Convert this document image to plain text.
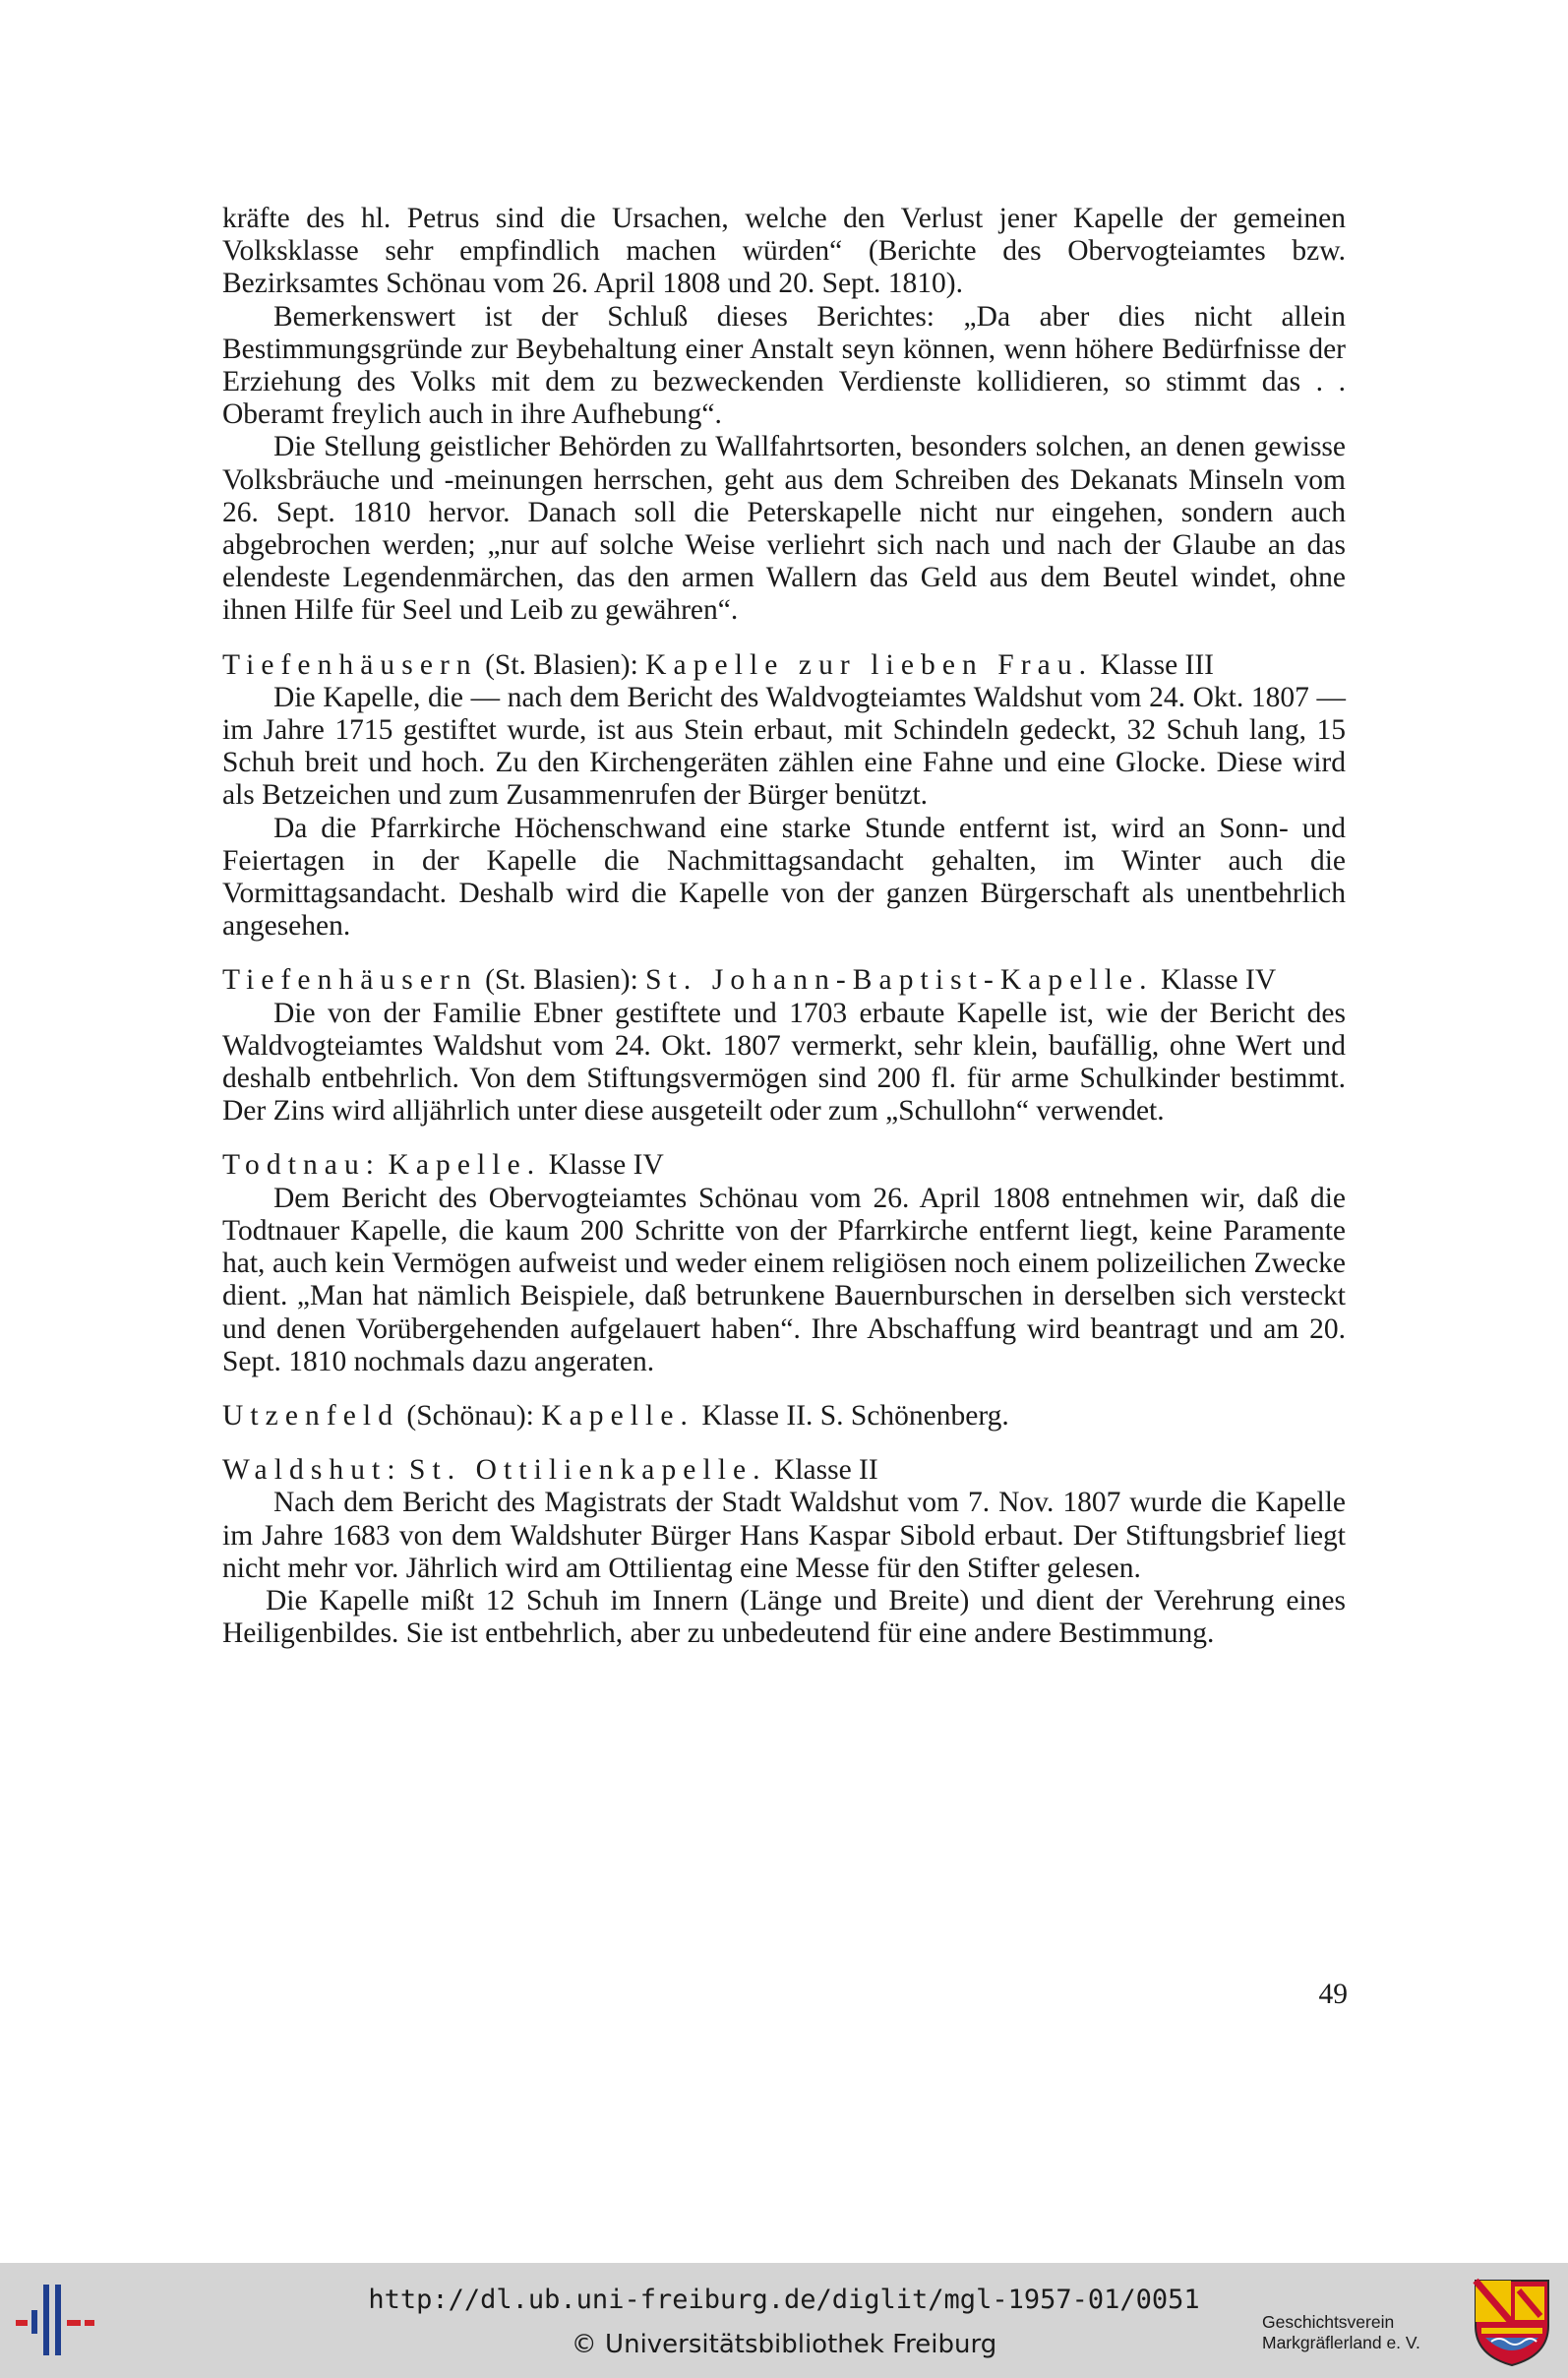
kräfte des hl. Petrus sind die Ursachen, welche den Verlust jener Kapelle der gemeinen Volksklasse sehr empfindlich machen würden“ (Berichte des Obervogteiamtes bzw. Bezirksamtes Schönau vom 26. April 1808 und 20. Sept. 1810).

Bemerkenswert ist der Schluß dieses Berichtes: „Da aber dies nicht allein Bestimmungsgründe zur Beybehaltung einer Anstalt seyn können, wenn höhere Bedürfnisse der Erziehung des Volks mit dem zu bezweckenden Verdienste kollidieren, so stimmt das . . Oberamt freylich auch in ihre Aufhebung“.

Die Stellung geistlicher Behörden zu Wallfahrtsorten, besonders solchen, an denen gewisse Volksbräuche und -meinungen herrschen, geht aus dem Schreiben des Dekanats Minseln vom 26. Sept. 1810 hervor. Danach soll die Peterskapelle nicht nur eingehen, sondern auch abgebrochen werden; „nur auf solche Weise verliehrt sich nach und nach der Glaube an das elendeste Legendenmärchen, das den armen Wallern das Geld aus dem Beutel windet, ohne ihnen Hilfe für Seel und Leib zu gewähren“.

Tiefenhäusern (St. Blasien): Kapelle zur lieben Frau. Klasse III

Die Kapelle, die — nach dem Bericht des Waldvogteiamtes Waldshut vom 24. Okt. 1807 — im Jahre 1715 gestiftet wurde, ist aus Stein erbaut, mit Schindeln gedeckt, 32 Schuh lang, 15 Schuh breit und hoch. Zu den Kirchengeräten zählen eine Fahne und eine Glocke. Diese wird als Betzeichen und zum Zusammenrufen der Bürger benützt.

Da die Pfarrkirche Höchenschwand eine starke Stunde entfernt ist, wird an Sonn- und Feiertagen in der Kapelle die Nachmittagsandacht gehalten, im Winter auch die Vormittagsandacht. Deshalb wird die Kapelle von der ganzen Bürgerschaft als unentbehrlich angesehen.

Tiefenhäusern (St. Blasien): St. Johann-Baptist-Kapelle. Klasse IV

Die von der Familie Ebner gestiftete und 1703 erbaute Kapelle ist, wie der Bericht des Waldvogteiamtes Waldshut vom 24. Okt. 1807 vermerkt, sehr klein, baufällig, ohne Wert und deshalb entbehrlich. Von dem Stiftungsvermögen sind 200 fl. für arme Schulkinder bestimmt. Der Zins wird alljährlich unter diese ausgeteilt oder zum „Schullohn“ verwendet.

Todtnau: Kapelle. Klasse IV

Dem Bericht des Obervogteiamtes Schönau vom 26. April 1808 entnehmen wir, daß die Todtnauer Kapelle, die kaum 200 Schritte von der Pfarrkirche entfernt liegt, keine Paramente hat, auch kein Vermögen aufweist und weder einem religiösen noch einem polizeilichen Zwecke dient. „Man hat nämlich Beispiele, daß betrunkene Bauernburschen in derselben sich versteckt und denen Vorübergehenden aufgelauert haben“. Ihre Abschaffung wird beantragt und am 20. Sept. 1810 nochmals dazu angeraten.

Utzenfeld (Schönau): Kapelle. Klasse II. S. Schönenberg.

Waldshut: St. Ottilienkapelle. Klasse II

Nach dem Bericht des Magistrats der Stadt Waldshut vom 7. Nov. 1807 wurde die Kapelle im Jahre 1683 von dem Waldshuter Bürger Hans Kaspar Sibold erbaut. Der Stiftungsbrief liegt nicht mehr vor. Jährlich wird am Ottilientag eine Messe für den Stifter gelesen.

Die Kapelle mißt 12 Schuh im Innern (Länge und Breite) und dient der Verehrung eines Heiligenbildes. Sie ist entbehrlich, aber zu unbedeutend für eine andere Bestimmung.

49
http://dl.ub.uni-freiburg.de/diglit/mgl-1957-01/0051
© Universitätsbibliothek Freiburg
Geschichtsverein
Markgräflerland e. V.
